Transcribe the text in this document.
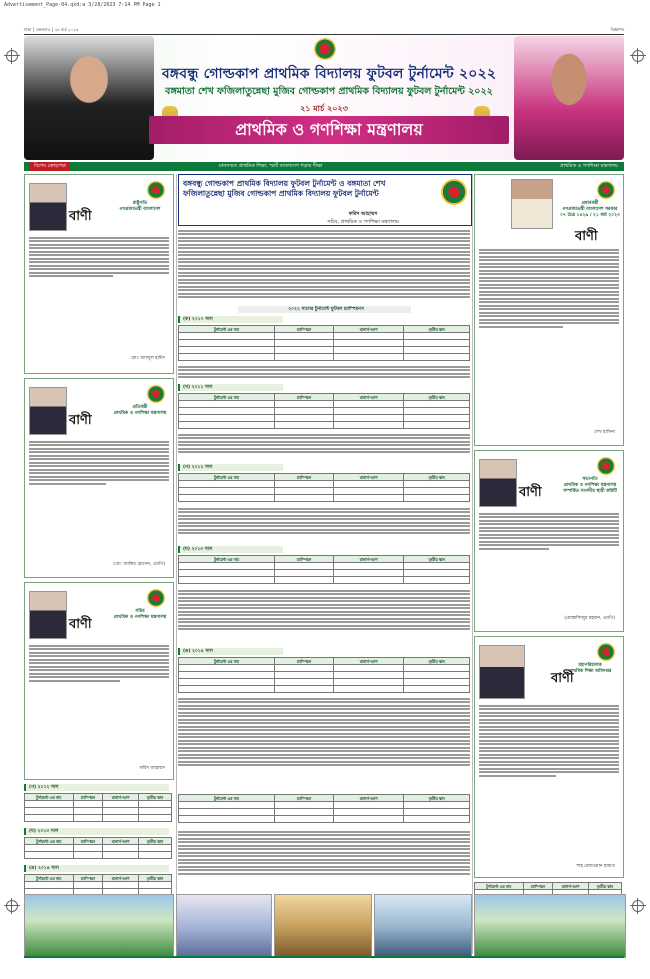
Advertisement_Page-04.qxd:a 3/28/2023 7:14 PM Page 1
ঢাকা │ মঙ্গলবার │ ২৮ মার্চ ২০২৩	বিজ্ঞাপন
বঙ্গবন্ধু গোল্ডকাপ প্রাথমিক বিদ্যালয় ফুটবল টুর্নামেন্ট ২০২২
বঙ্গমাতা শেখ ফজিলাতুন্নেছা মুজিব গোল্ডকাপ প্রাথমিক বিদ্যালয় ফুটবল টুর্নামেন্ট ২০২২
২১ মার্চ ২০২৩
প্রাথমিক ও গণশিক্ষা মন্ত্রণালয়
বিশেষ ক্রোড়পত্র	মানসম্মত প্রাথমিক শিক্ষা, স্মার্ট বাংলাদেশ গড়ার দীক্ষা	প্রাথমিক ও গণশিক্ষা মন্ত্রণালয়
রাষ্ট্রপতি
গণপ্রজাতন্ত্রী বাংলাদেশ
বাণী
মোঃ আবদুল হামিদ
প্রতিমন্ত্রী
প্রাথমিক ও গণশিক্ষা মন্ত্রণালয়
বাণী
(মো. জাকির হোসেন, এমপি)
সচিব
প্রাথমিক ও গণশিক্ষা মন্ত্রণালয়
বাণী
ফরিদ আহাম্মদ
(গ) ২০১২ সাল
টুর্নামেন্ট এর নাম	চ্যাম্পিয়ন	রানার্স-আপ	তৃতীয় স্থান

(ঘ) ২০১৩ সাল
টুর্নামেন্ট এর নাম	চ্যাম্পিয়ন	রানার্স-আপ	তৃতীয় স্থান

(ঙ) ২০১৪ সাল
টুর্নামেন্ট এর নাম	চ্যাম্পিয়ন	রানার্স-আপ	তৃতীয় স্থান

বঙ্গবন্ধু গোল্ডকাপ প্রাথমিক বিদ্যালয় ফুটবল টুর্নামেন্ট ও বঙ্গমাতা শেখ ফজিলাতুন্নেছা মুজিব গোল্ডকাপ প্রাথমিক বিদ্যালয় ফুটবল টুর্নামেন্ট
ফরিদ আহাম্মদ
সচিব, প্রাথমিক ও গণশিক্ষা মন্ত্রণালয়
২০২২ সালের টুর্নামেন্ট ফুটবল চ্যাম্পিয়নস
(ক) ২০১০ সাল
টুর্নামেন্ট এর নাম	চ্যাম্পিয়ন	রানার্স-আপ	তৃতীয় স্থান

(খ) ২০১১ সাল
টুর্নামেন্ট এর নাম	চ্যাম্পিয়ন	রানার্স-আপ	তৃতীয় স্থান

(গ) ২০১২ সাল
টুর্নামেন্ট এর নাম	চ্যাম্পিয়ন	রানার্স-আপ	তৃতীয় স্থান

(ঘ) ২০১৩ সাল
টুর্নামেন্ট এর নাম	চ্যাম্পিয়ন	রানার্স-আপ	তৃতীয় স্থান

(ঙ) ২০১৪ সাল
টুর্নামেন্ট এর নাম	চ্যাম্পিয়ন	রানার্স-আপ	তৃতীয় স্থান

টুর্নামেন্ট এর নাম	চ্যাম্পিয়ন	রানার্স-আপ	তৃতীয় স্থান

প্রধানমন্ত্রী
গণপ্রজাতন্ত্রী বাংলাদেশ সরকার
০৭ চৈত্র ১৪২৯ / ২১ মার্চ ২০২৩
বাণী
শেখ হাসিনা
সভাপতি
প্রাথমিক ও গণশিক্ষা মন্ত্রণালয় সম্পর্কিত সংসদীয় স্থায়ী কমিটি
বাণী
(মোস্তাফিজুর রহমান, এমপি)
মহাপরিচালক
প্রাথমিক শিক্ষা অধিদপ্তর
বাণী
শাহ রেজওয়ান হায়াত
টুর্নামেন্ট এর নাম	চ্যাম্পিয়ন	রানার্স-আপ	তৃতীয় স্থান
